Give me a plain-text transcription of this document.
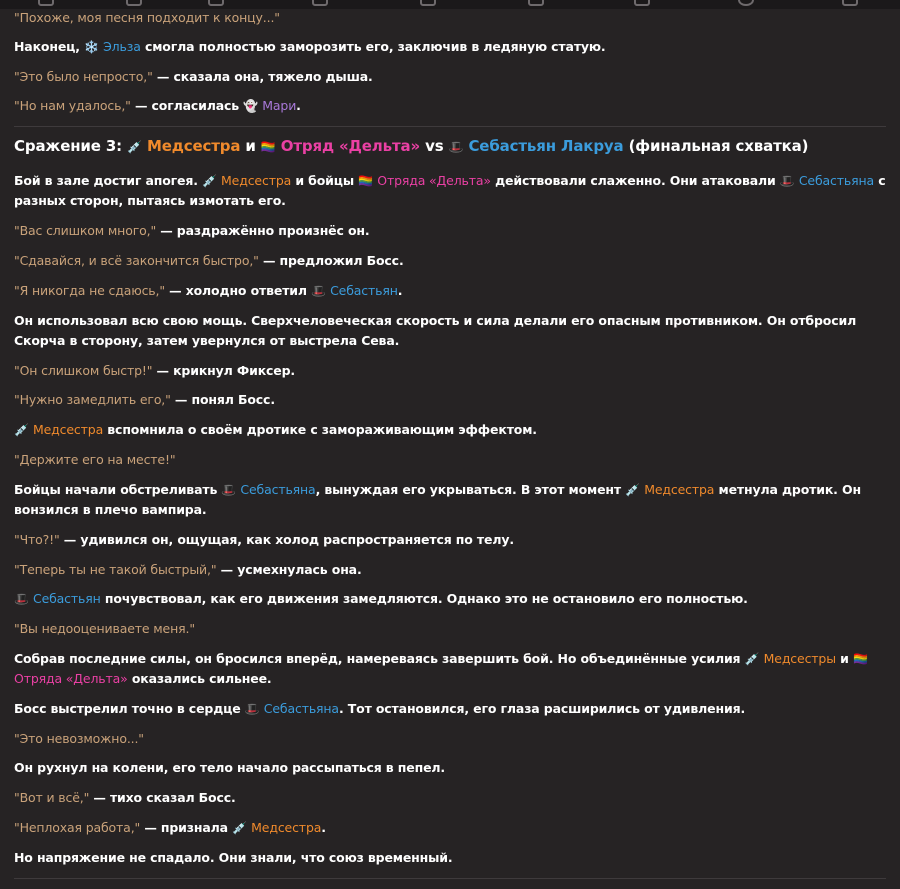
"Похоже, моя песня подходит к концу..."

Наконец, ❄️ Эльза смогла полностью заморозить его, заключив в ледяную статую.

"Это было непросто," — сказала она, тяжело дыша.

"Но нам удалось," — согласилась 👻 Мари.

Сражение 3: 💉 Медсестра и 🏳️‍🌈 Отряд «Дельта» vs 🎩 Себастьян Лакруа (финальная схватка)

Бой в зале достиг апогея. 💉 Медсестра и бойцы 🏳️‍🌈 Отряда «Дельта» действовали слаженно. Они атаковали 🎩 Себастьяна с разных сторон, пытаясь измотать его.

"Вас слишком много," — раздражённо произнёс он.

"Сдавайся, и всё закончится быстро," — предложил Босс.

"Я никогда не сдаюсь," — холодно ответил 🎩 Себастьян.

Он использовал всю свою мощь. Сверхчеловеческая скорость и сила делали его опасным противником. Он отбросил Скорча в сторону, затем увернулся от выстрела Сева.

"Он слишком быстр!" — крикнул Фиксер.

"Нужно замедлить его," — понял Босс.

💉 Медсестра вспомнила о своём дротике с замораживающим эффектом.

"Держите его на месте!"

Бойцы начали обстреливать 🎩 Себастьяна, вынуждая его укрываться. В этот момент 💉 Медсестра метнула дротик. Он вонзился в плечо вампира.

"Что?!" — удивился он, ощущая, как холод распространяется по телу.

"Теперь ты не такой быстрый," — усмехнулась она.

🎩 Себастьян почувствовал, как его движения замедляются. Однако это не остановило его полностью.

"Вы недооцениваете меня."

Собрав последние силы, он бросился вперёд, намереваясь завершить бой. Но объединённые усилия 💉 Медсестры и 🏳️‍🌈 Отряда «Дельта» оказались сильнее.

Босс выстрелил точно в сердце 🎩 Себастьяна. Тот остановился, его глаза расширились от удивления.

"Это невозможно..."

Он рухнул на колени, его тело начало рассыпаться в пепел.

"Вот и всё," — тихо сказал Босс.

"Неплохая работа," — признала 💉 Медсестра.

Но напряжение не спадало. Они знали, что союз временный.
